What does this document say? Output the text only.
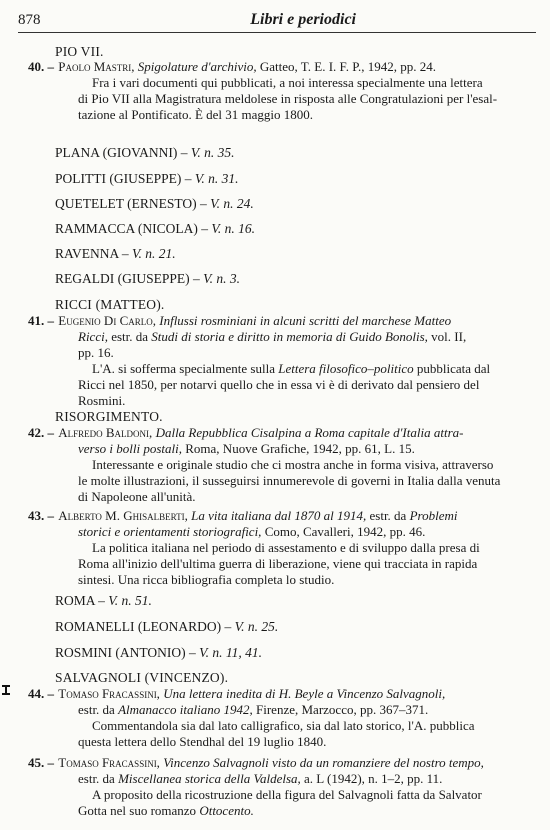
878	Libri e periodici
PIO VII.
40. – Paolo Mastri, Spigolature d'archivio, Gatteo, T. E. I. F. P., 1942, pp. 24.
Fra i vari documenti qui pubblicati, a noi interessa specialmente una lettera
di Pio VII alla Magistratura meldolese in risposta alle Congratulazioni per l'esal-
tazione al Pontificato. È del 31 maggio 1800.
PLANA (GIOVANNI) – V. n. 35.
POLITTI (GIUSEPPE) – V. n. 31.
QUETELET (ERNESTO) – V. n. 24.
RAMMACCA (NICOLA) – V. n. 16.
RAVENNA – V. n. 21.
REGALDI (GIUSEPPE) – V. n. 3.
RICCI (MATTEO).
41. – Eugenio Di Carlo, Influssi rosminiani in alcuni scritti del marchese Matteo
Ricci, estr. da Studi di storia e diritto in memoria di Guido Bonolis, vol. II,
pp. 16.
L'A. si sofferma specialmente sulla Lettera filosofico–politico pubblicata dal
Ricci nel 1850, per notarvi quello che in essa vi è di derivato dal pensiero del
Rosmini.
RISORGIMENTO.
42. – Alfredo Baldoni, Dalla Repubblica Cisalpina a Roma capitale d'Italia attra-
verso i bolli postali, Roma, Nuove Grafiche, 1942, pp. 61, L. 15.
Interessante e originale studio che ci mostra anche in forma visiva, attraverso
le molte illustrazioni, il susseguirsi innumerevole di governi in Italia dalla venuta
di Napoleone all'unità.
43. – Alberto M. Ghisalberti, La vita italiana dal 1870 al 1914, estr. da Problemi
storici e orientamenti storiografici, Como, Cavalleri, 1942, pp. 46.
La politica italiana nel periodo di assestamento e di sviluppo dalla presa di
Roma all'inizio dell'ultima guerra di liberazione, viene qui tracciata in rapida
sintesi. Una ricca bibliografia completa lo studio.
ROMA – V. n. 51.
ROMANELLI (LEONARDO) – V. n. 25.
ROSMINI (ANTONIO) – V. n. 11, 41.
SALVAGNOLI (VINCENZO).
44. – Tomaso Fracassini, Una lettera inedita di H. Beyle a Vincenzo Salvagnoli,
estr. da Almanacco italiano 1942, Firenze, Marzocco, pp. 367–371.
Commentandola sia dal lato calligrafico, sia dal lato storico, l'A. pubblica
questa lettera dello Stendhal del 19 luglio 1840.
45. – Tomaso Fracassini, Vincenzo Salvagnoli visto da un romanziere del nostro tempo,
estr. da Miscellanea storica della Valdelsa, a. L (1942), n. 1–2, pp. 11.
A proposito della ricostruzione della figura del Salvagnoli fatta da Salvator
Gotta nel suo romanzo Ottocento.
